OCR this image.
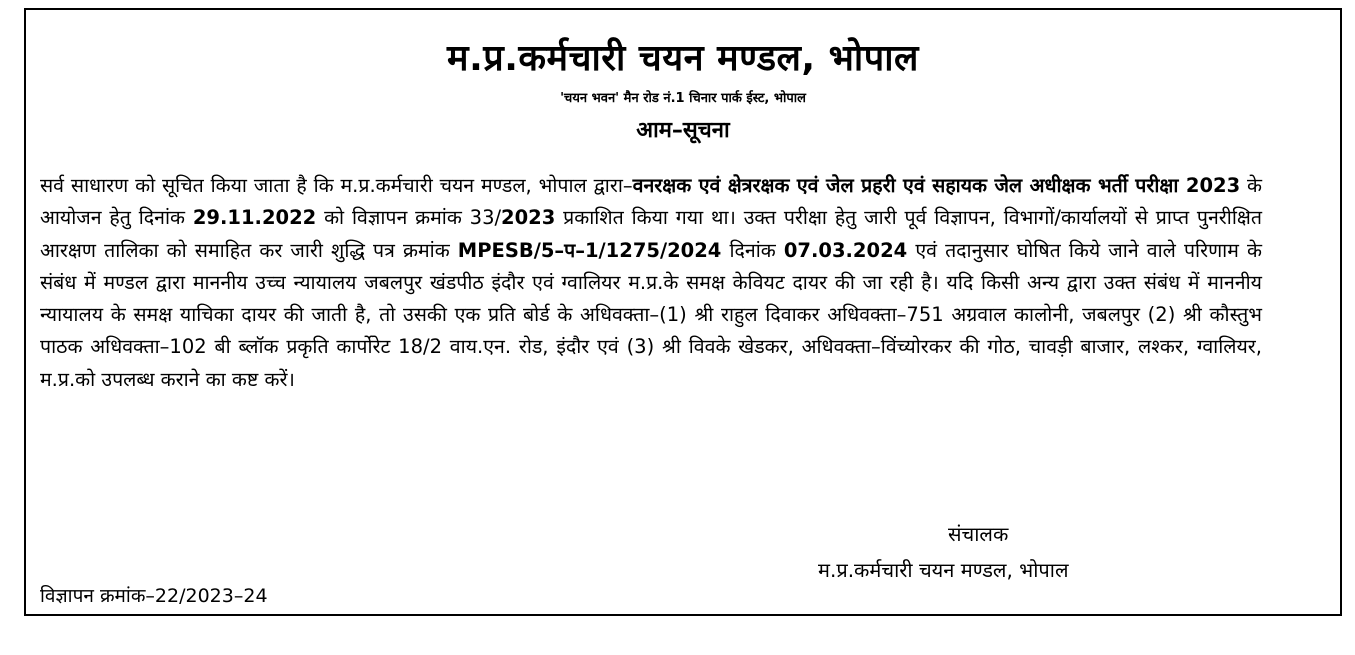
म.प्र.कर्मचारी चयन मण्डल, भोपाल
'चयन भवन' मैन रोड नं.1 चिनार पार्क ईस्ट, भोपाल
आम–सूचना
सर्व साधारण को सूचित किया जाता है कि म.प्र.कर्मचारी चयन मण्डल, भोपाल द्वारा–वनरक्षक एवं क्षेत्ररक्षक एवं जेल प्रहरी एवं सहायक जेल अधीक्षक भर्ती परीक्षा 2023 के आयोजन हेतु दिनांक 29.11.2022 को विज्ञापन क्रमांक 33/2023 प्रकाशित किया गया था। उक्त परीक्षा हेतु जारी पूर्व विज्ञापन, विभागों/कार्यालयों से प्राप्त पुनरीक्षित आरक्षण तालिका को समाहित कर जारी शुद्धि पत्र क्रमांक MPESB/5–प–1/1275/2024 दिनांक 07.03.2024 एवं तदानुसार घोषित किये जाने वाले परिणाम के संबंध में मण्डल द्वारा माननीय उच्च न्यायालय जबलपुर खंडपीठ इंदौर एवं ग्वालियर म.प्र.के समक्ष केवियट दायर की जा रही है। यदि किसी अन्य द्वारा उक्त संबंध में माननीय न्यायालय के समक्ष याचिका दायर की जाती है, तो उसकी एक प्रति बोर्ड के अधिवक्ता–(1) श्री राहुल दिवाकर अधिवक्ता–751 अग्रवाल कालोनी, जबलपुर (2) श्री कौस्तुभ पाठक अधिवक्ता–102 बी ब्लॉक प्रकृति कार्पोरेट 18/2 वाय.एन. रोड, इंदौर एवं (3) श्री विवके खेडकर, अधिवक्ता–विंच्योरकर की गोठ, चावड़ी बाजार, लश्कर, ग्वालियर, म.प्र.को उपलब्ध कराने का कष्ट करें।
संचालक
म.प्र.कर्मचारी चयन मण्डल, भोपाल
विज्ञापन क्रमांक–22/2023–24
